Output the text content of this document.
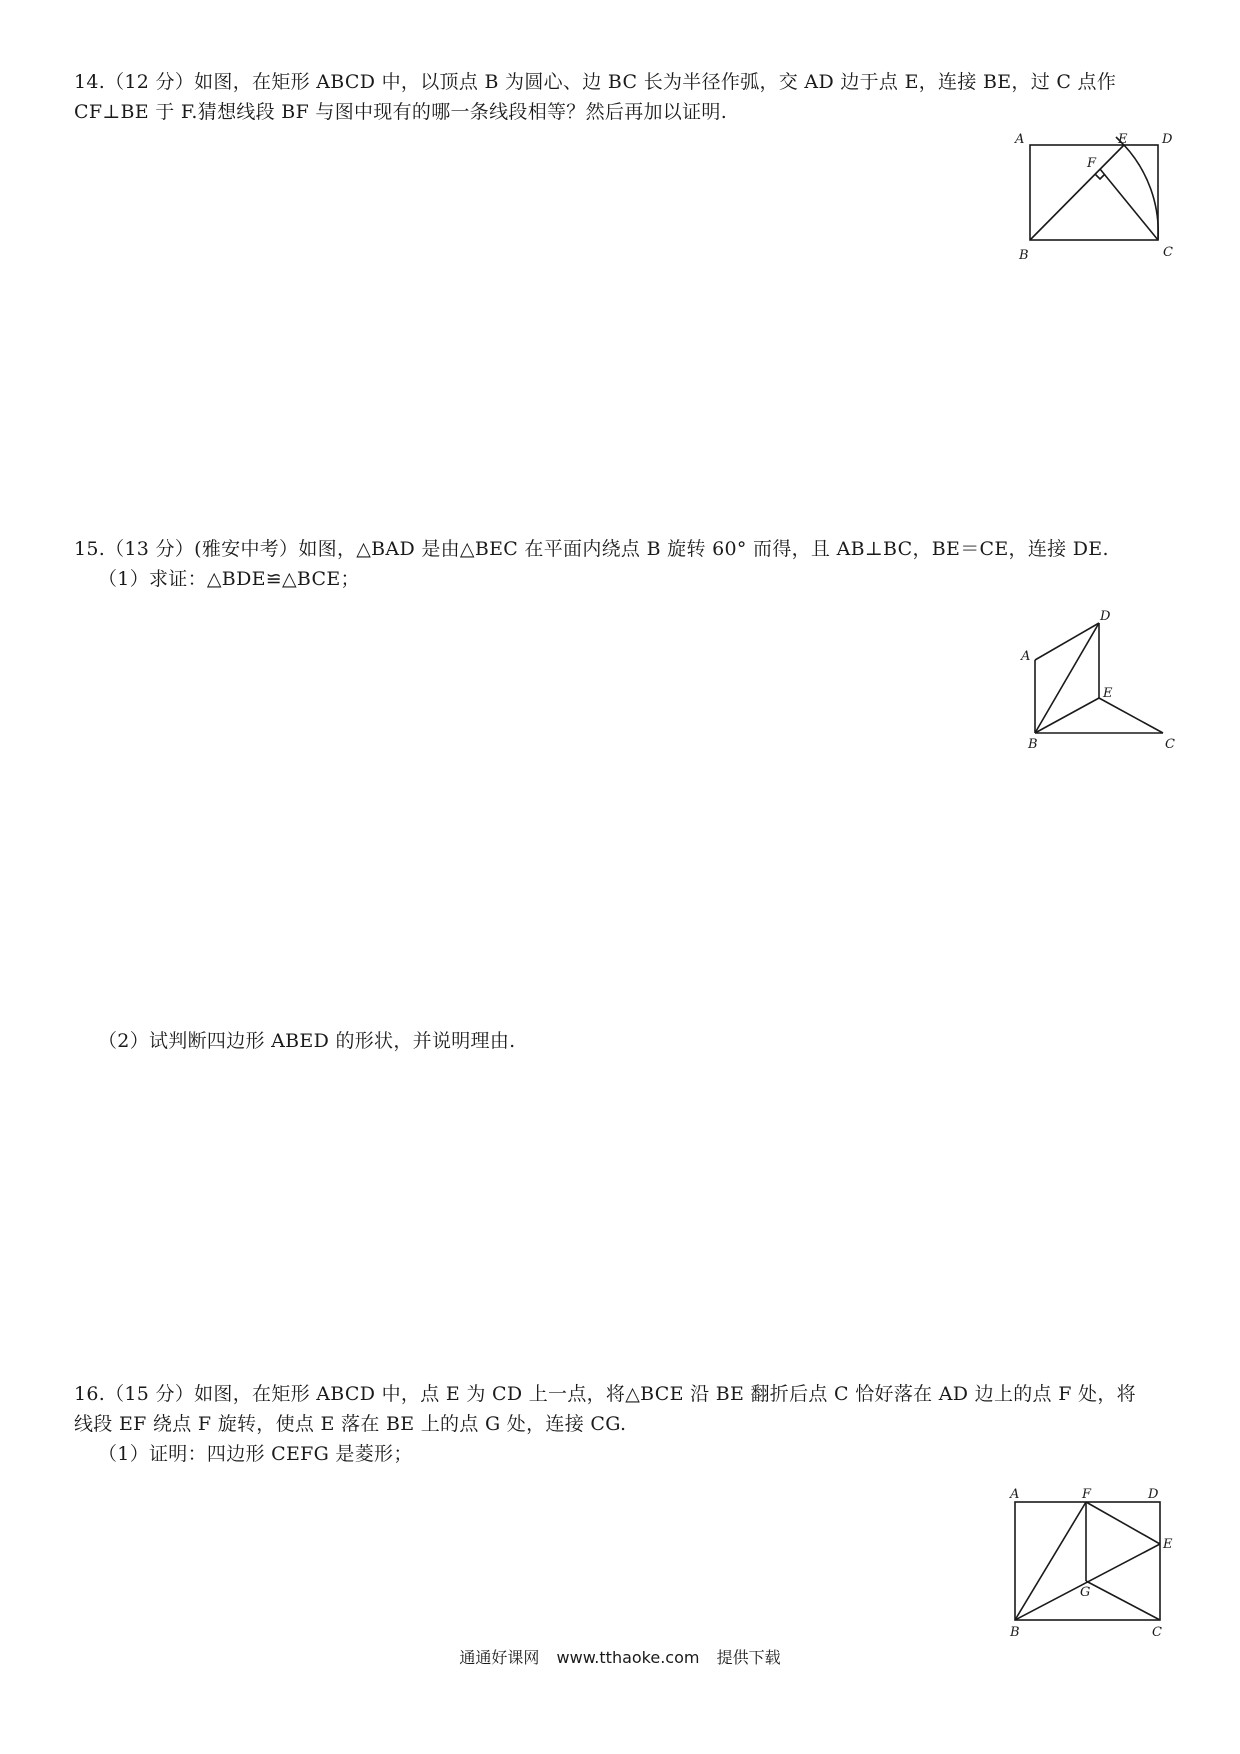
14.（12 分）如图，在矩形 ABCD 中，以顶点 B 为圆心、边 BC 长为半径作弧，交 AD 边于点 E，连接 BE，过 C 点作
CF⊥BE 于 F.猜想线段 BF 与图中现有的哪一条线段相等？然后再加以证明.
A	E	D
F
B	C
15.（13 分）(雅安中考）如图，△BAD 是由△BEC 在平面内绕点 B 旋转 60° 而得，且 AB⊥BC，BE＝CE，连接 DE.
（1）求证：△BDE≌△BCE；
D
A
E
B	C
（2）试判断四边形 ABED 的形状，并说明理由.
16.（15 分）如图，在矩形 ABCD 中，点 E 为 CD 上一点，将△BCE 沿 BE 翻折后点 C 恰好落在 AD 边上的点 F 处，将
线段 EF 绕点 F 旋转，使点 E 落在 BE 上的点 G 处，连接 CG.
（1）证明：四边形 CEFG 是菱形；
A	F	D
E
G
B	C
通通好课网 www.tthaoke.com 提供下载
